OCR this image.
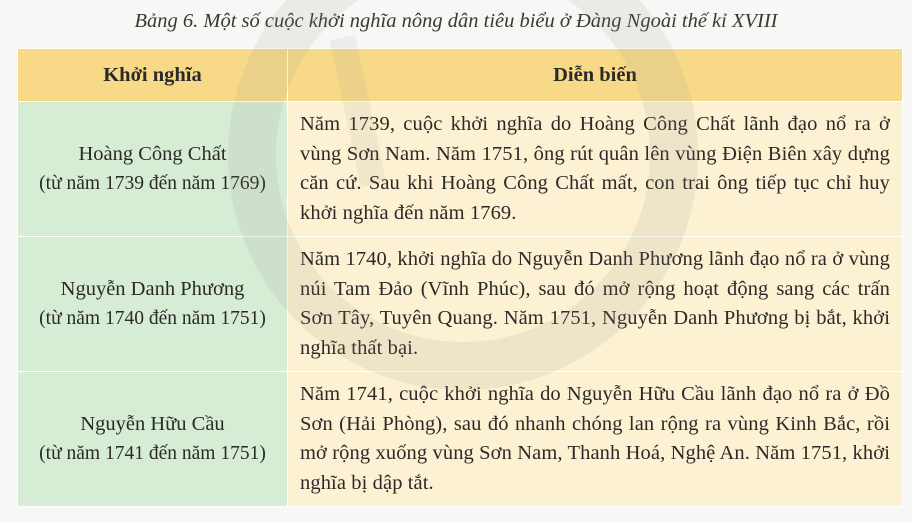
Bảng 6. Một số cuộc khởi nghĩa nông dân tiêu biểu ở Đàng Ngoài thế kỉ XVIII
Khởi nghĩa	Diễn biến

Hoàng Công Chất
(từ năm 1739 đến năm 1769)	Năm 1739, cuộc khởi nghĩa do Hoàng Công Chất lãnh đạo nổ ra ở vùng Sơn Nam. Năm 1751, ông rút quân lên vùng Điện Biên xây dựng căn cứ. Sau khi Hoàng Công Chất mất, con trai ông tiếp tục chỉ huy khởi nghĩa đến năm 1769.

Nguyễn Danh Phương
(từ năm 1740 đến năm 1751)	Năm 1740, khởi nghĩa do Nguyễn Danh Phương lãnh đạo nổ ra ở vùng núi Tam Đảo (Vĩnh Phúc), sau đó mở rộng hoạt động sang các trấn Sơn Tây, Tuyên Quang. Năm 1751, Nguyễn Danh Phương bị bắt, khởi nghĩa thất bại.

Nguyễn Hữu Cầu
(từ năm 1741 đến năm 1751)	Năm 1741, cuộc khởi nghĩa do Nguyễn Hữu Cầu lãnh đạo nổ ra ở Đồ Sơn (Hải Phòng), sau đó nhanh chóng lan rộng ra vùng Kinh Bắc, rồi mở rộng xuống vùng Sơn Nam, Thanh Hoá, Nghệ An. Năm 1751, khởi nghĩa bị dập tắt.
